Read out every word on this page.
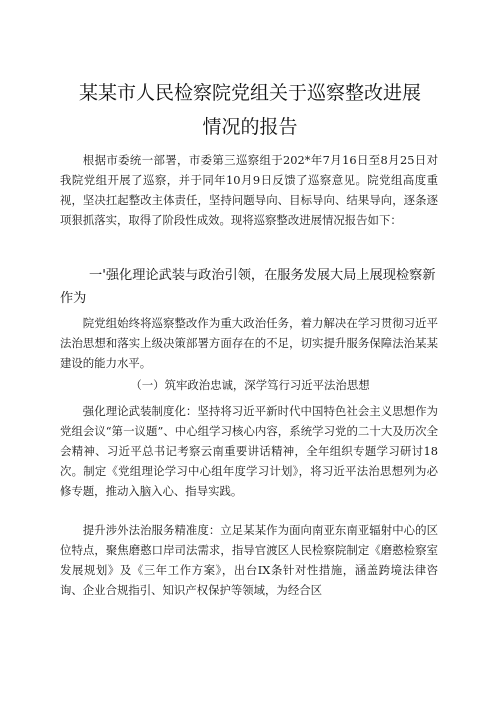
某某市人民检察院党组关于巡察整改进展
情况的报告
根据市委统一部署，市委第三巡察组于202*年7月16日至8月25日对我院党组开展了巡察，并于同年10月9日反馈了巡察意见。院党组高度重视，坚决扛起整改主体责任，坚持问题导向、目标导向、结果导向，逐条逐项狠抓落实，取得了阶段性成效。现将巡察整改进展情况报告如下：
一'强化理论武装与政治引领，在服务发展大局上展现检察新作为
院党组始终将巡察整改作为重大政治任务，着力解决在学习贯彻习近平法治思想和落实上级决策部署方面存在的不足，切实提升服务保障法治某某建设的能力水平。
（一）筑牢政治忠诚，深学笃行习近平法治思想
强化理论武装制度化：坚持将习近平新时代中国特色社会主义思想作为党组会议“第一议题”、中心组学习核心内容，系统学习党的二十大及历次全会精神、习近平总书记考察云南重要讲话精神，全年组织专题学习研讨18次。制定《党组理论学习中心组年度学习计划》，将习近平法治思想列为必修专题，推动入脑入心、指导实践。
提升涉外法治服务精准度：立足某某作为面向南亚东南亚辐射中心的区位特点，聚焦磨憨口岸司法需求，指导官渡区人民检察院制定《磨憨检察室发展规划》及《三年工作方案》，出台IX条针对性措施，涵盖跨境法律咨询、企业合规指引、知识产权保护等领域，为经合区
